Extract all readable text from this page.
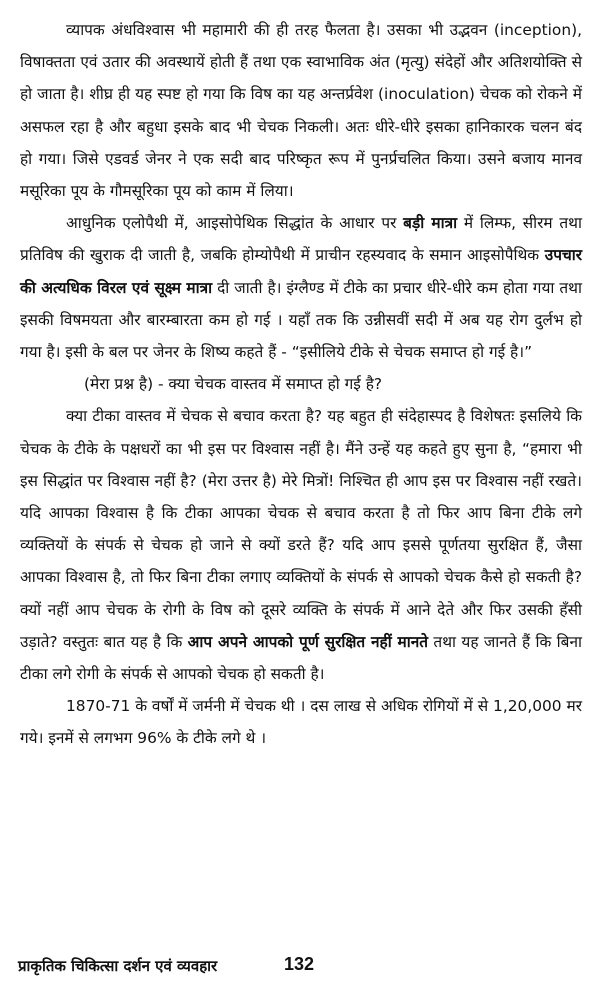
व्यापक अंधविश्वास भी महामारी की ही तरह फैलता है। उसका भी उद्भवन (inception), विषाक्तता एवं उतार की अवस्थायें होती हैं तथा एक स्वाभाविक अंत (मृत्यु) संदेहों और अतिशयोक्ति से हो जाता है। शीघ्र ही यह स्पष्ट हो गया कि विष का यह अन्तर्प्रवेश (inoculation) चेचक को रोकने में असफल रहा है और बहुधा इसके बाद भी चेचक निकली। अतः धीरे-धीरे इसका हानिकारक चलन बंद हो गया। जिसे एडवर्ड जेनर ने एक सदी बाद परिष्कृत रूप में पुनर्प्रचलित किया। उसने बजाय मानव मसूरिका पूय के गौमसूरिका पूय को काम में लिया।

आधुनिक एलोपैथी में, आइसोपेथिक सिद्धांत के आधार पर बड़ी मात्रा में लिम्फ, सीरम तथा प्रतिविष की खुराक दी जाती है, जबकि होम्योपैथी में प्राचीन रहस्यवाद के समान आइसोपैथिक उपचार की अत्यधिक विरल एवं सूक्ष्म मात्रा दी जाती है। इंग्लैण्ड में टीके का प्रचार धीरे-धीरे कम होता गया तथा इसकी विषमयता और बारम्बारता कम हो गई । यहाँ तक कि उन्नीसवीं सदी में अब यह रोग दुर्लभ हो गया है। इसी के बल पर जेनर के शिष्य कहते हैं - “इसीलिये टीके से चेचक समाप्त हो गई है।”

(मेरा प्रश्न है) - क्या चेचक वास्तव में समाप्त हो गई है?

क्या टीका वास्तव में चेचक से बचाव करता है? यह बहुत ही संदेहास्पद है विशेषतः इसलिये कि चेचक के टीके के पक्षधरों का भी इस पर विश्वास नहीं है। मैंने उन्हें यह कहते हुए सुना है, “हमारा भी इस सिद्धांत पर विश्वास नहीं है? (मेरा उत्तर है) मेरे मित्रों! निश्चित ही आप इस पर विश्वास नहीं रखते। यदि आपका विश्वास है कि टीका आपका चेचक से बचाव करता है तो फिर आप बिना टीके लगे व्यक्तियों के संपर्क से चेचक हो जाने से क्यों डरते हैं? यदि आप इससे पूर्णतया सुरक्षित हैं, जैसा आपका विश्वास है, तो फिर बिना टीका लगाए व्यक्तियों के संपर्क से आपको चेचक कैसे हो सकती है? क्यों नहीं आप चेचक के रोगी के विष को दूसरे व्यक्ति के संपर्क में आने देते और फिर उसकी हँसी उड़ाते? वस्तुतः बात यह है कि आप अपने आपको पूर्ण सुरक्षित नहीं मानते तथा यह जानते हैं कि बिना टीका लगे रोगी के संपर्क से आपको चेचक हो सकती है।

1870-71 के वर्षों में जर्मनी में चेचक थी । दस लाख से अधिक रोगियों में से 1,20,000 मर गये। इनमें से लगभग 96% के टीके लगे थे ।

प्राकृतिक चिकित्सा दर्शन एवं व्यवहार	132
